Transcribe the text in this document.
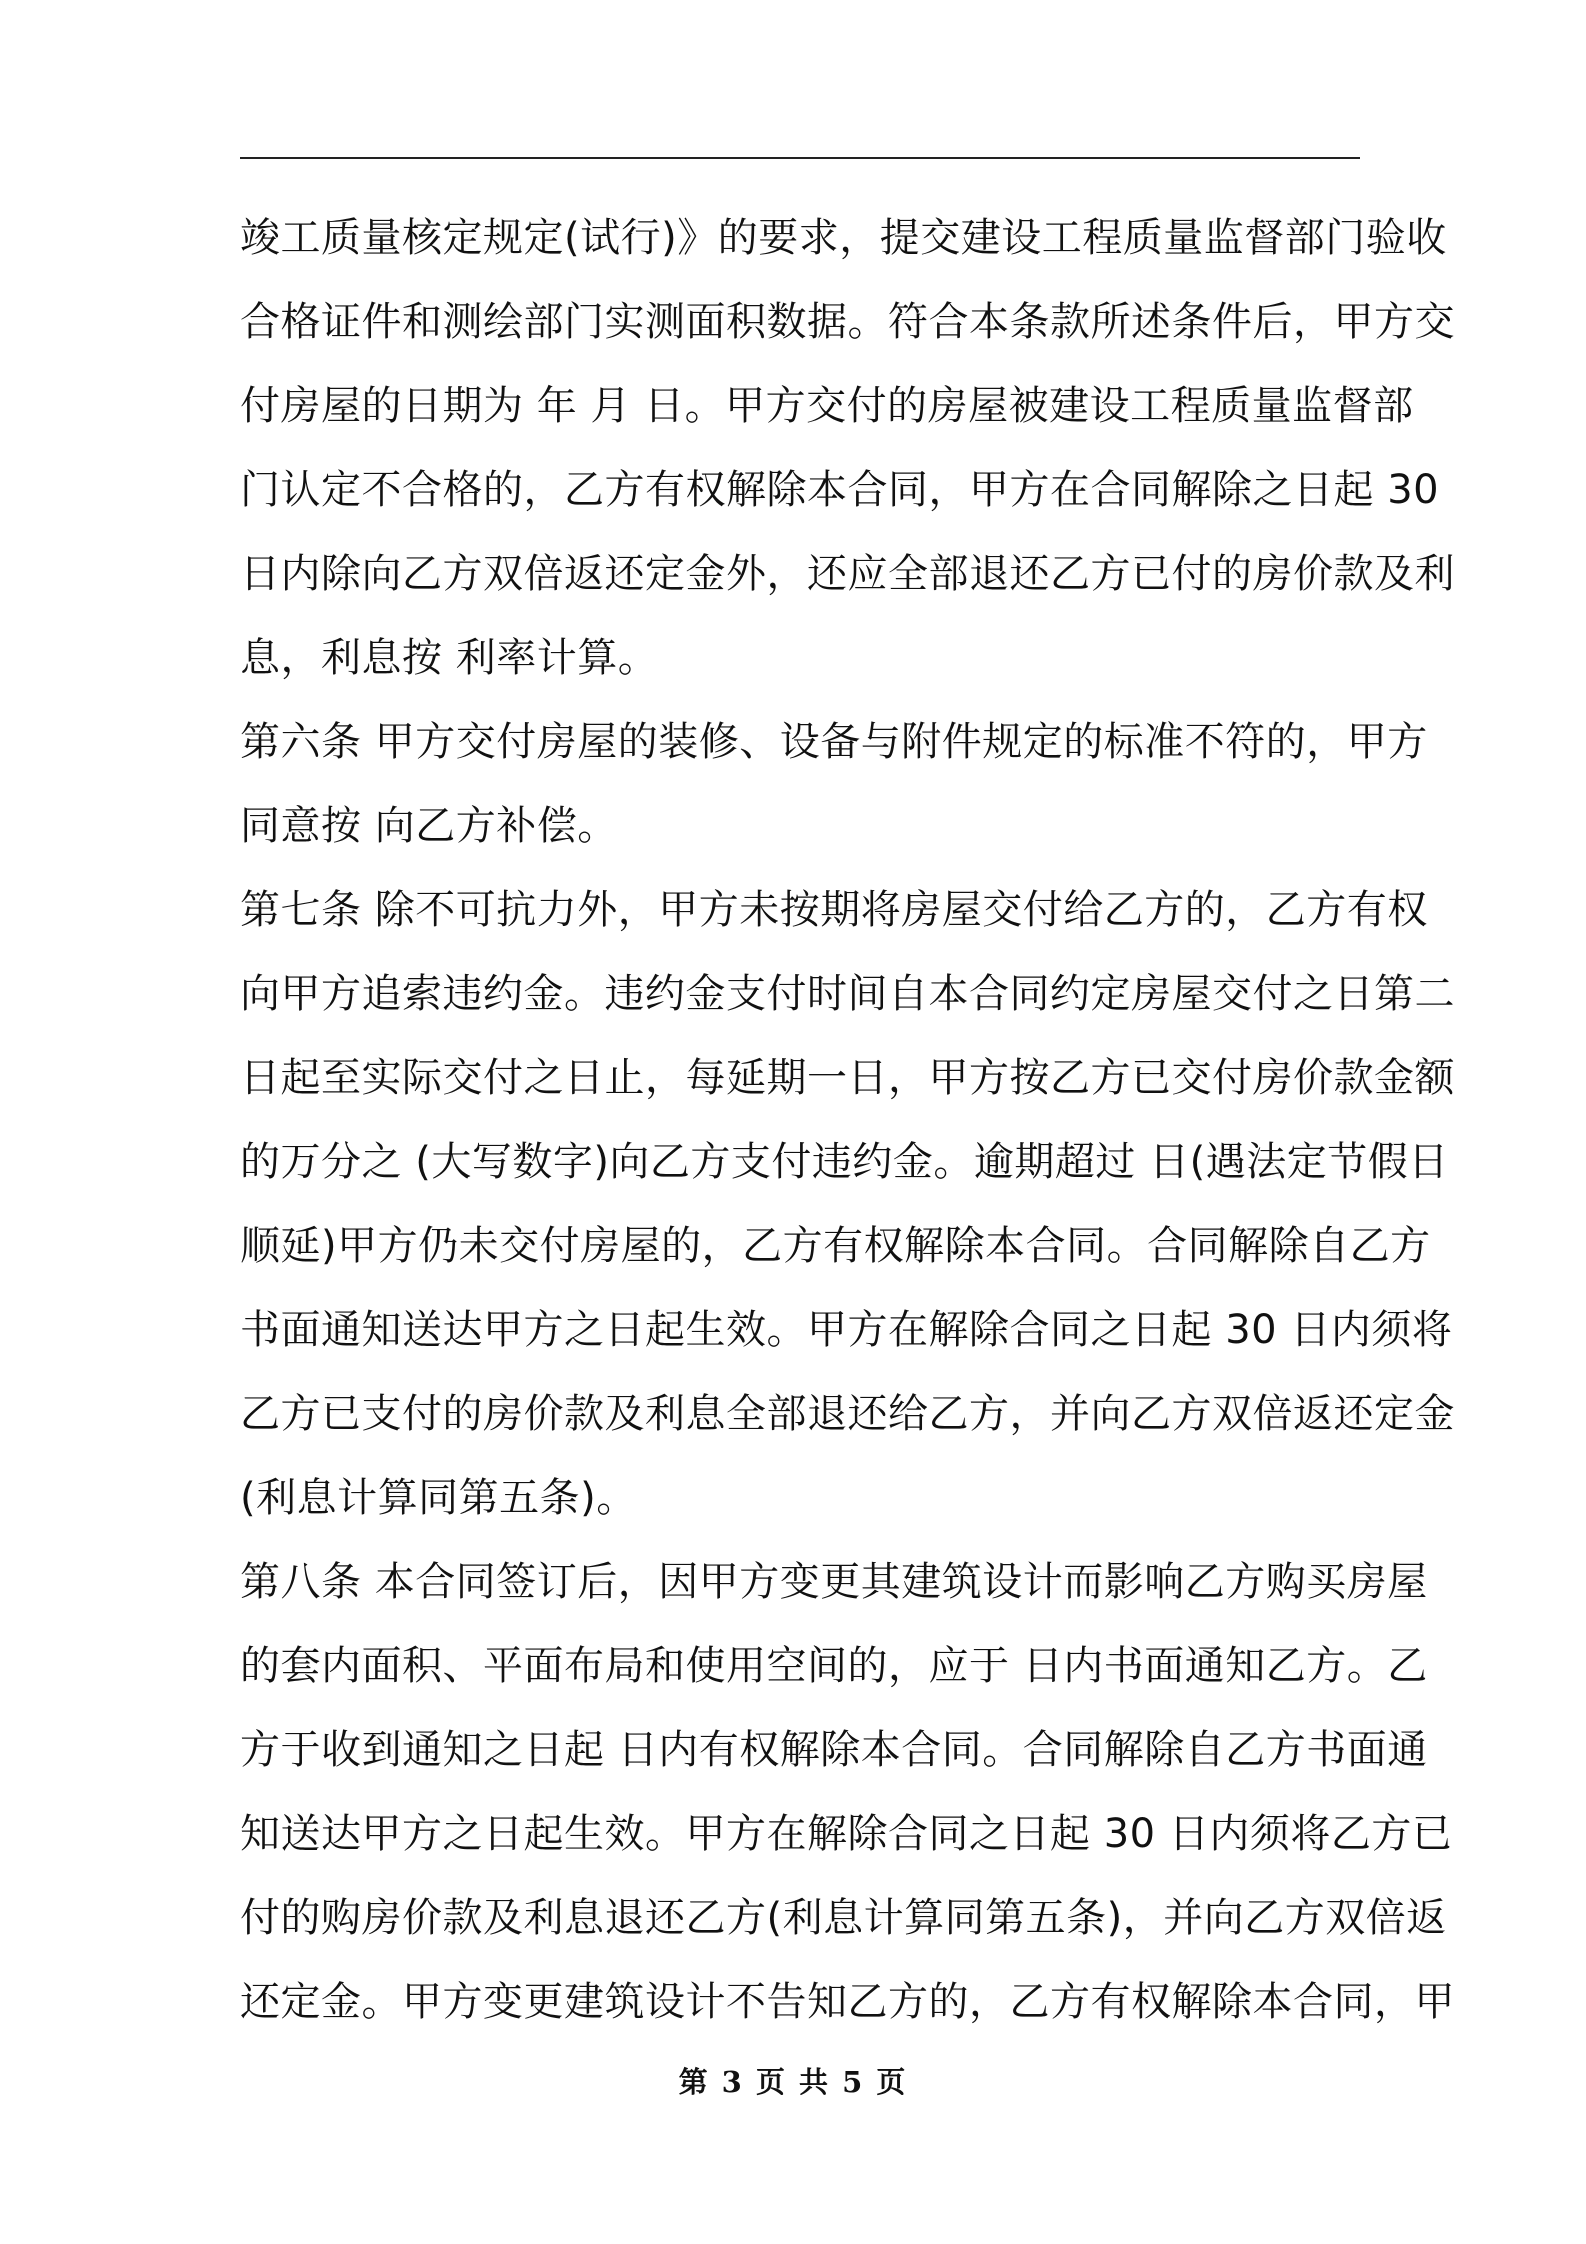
竣工质量核定规定(试行)》的要求，提交建设工程质量监督部门验收
合格证件和测绘部门实测面积数据。符合本条款所述条件后，甲方交
付房屋的日期为 年 月 日。甲方交付的房屋被建设工程质量监督部
门认定不合格的，乙方有权解除本合同，甲方在合同解除之日起 30
日内除向乙方双倍返还定金外，还应全部退还乙方已付的房价款及利
息，利息按 利率计算。
第六条 甲方交付房屋的装修、设备与附件规定的标准不符的，甲方
同意按 向乙方补偿。
第七条 除不可抗力外，甲方未按期将房屋交付给乙方的，乙方有权
向甲方追索违约金。违约金支付时间自本合同约定房屋交付之日第二
日起至实际交付之日止，每延期一日，甲方按乙方已交付房价款金额
的万分之 (大写数字)向乙方支付违约金。逾期超过 日(遇法定节假日
顺延)甲方仍未交付房屋的，乙方有权解除本合同。合同解除自乙方
书面通知送达甲方之日起生效。甲方在解除合同之日起 30 日内须将
乙方已支付的房价款及利息全部退还给乙方，并向乙方双倍返还定金
(利息计算同第五条)。
第八条 本合同签订后，因甲方变更其建筑设计而影响乙方购买房屋
的套内面积、平面布局和使用空间的，应于 日内书面通知乙方。乙
方于收到通知之日起 日内有权解除本合同。合同解除自乙方书面通
知送达甲方之日起生效。甲方在解除合同之日起 30 日内须将乙方已
付的购房价款及利息退还乙方(利息计算同第五条)，并向乙方双倍返
还定金。甲方变更建筑设计不告知乙方的，乙方有权解除本合同，甲
第 3 页 共 5 页
